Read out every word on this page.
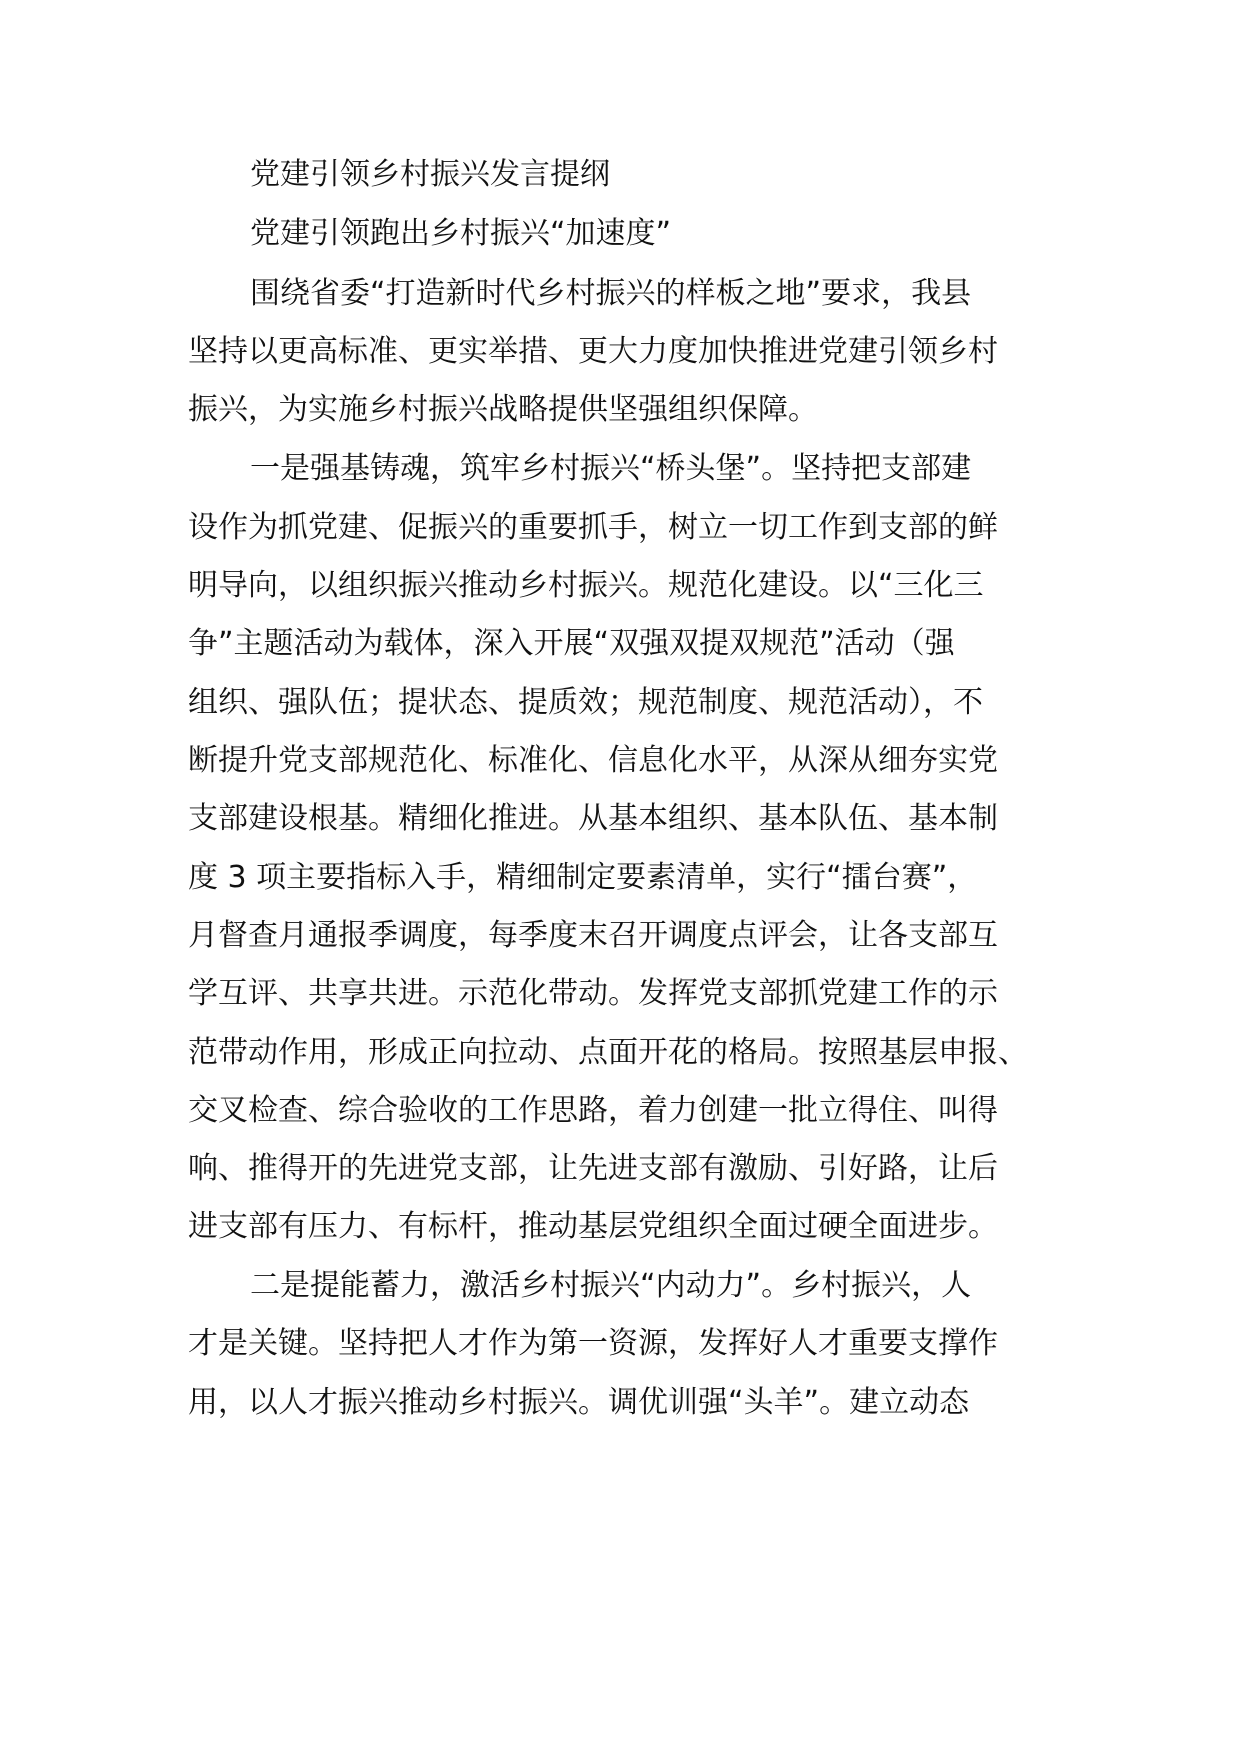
党建引领乡村振兴发言提纲
党建引领跑出乡村振兴“加速度”
围绕省委“打造新时代乡村振兴的样板之地”要求，我县
坚持以更高标准、更实举措、更大力度加快推进党建引领乡村
振兴，为实施乡村振兴战略提供坚强组织保障。
一是强基铸魂，筑牢乡村振兴“桥头堡”。坚持把支部建
设作为抓党建、促振兴的重要抓手，树立一切工作到支部的鲜
明导向，以组织振兴推动乡村振兴。规范化建设。以“三化三
争”主题活动为载体，深入开展“双强双提双规范”活动（强
组织、强队伍；提状态、提质效；规范制度、规范活动），不
断提升党支部规范化、标准化、信息化水平，从深从细夯实党
支部建设根基。精细化推进。从基本组织、基本队伍、基本制
度 3 项主要指标入手，精细制定要素清单，实行“擂台赛”，
月督查月通报季调度，每季度末召开调度点评会，让各支部互
学互评、共享共进。示范化带动。发挥党支部抓党建工作的示
范带动作用，形成正向拉动、点面开花的格局。按照基层申报、
交叉检查、综合验收的工作思路，着力创建一批立得住、叫得
响、推得开的先进党支部，让先进支部有激励、引好路，让后
进支部有压力、有标杆，推动基层党组织全面过硬全面进步。
二是提能蓄力，激活乡村振兴“内动力”。乡村振兴，人
才是关键。坚持把人才作为第一资源，发挥好人才重要支撑作
用，以人才振兴推动乡村振兴。调优训强“头羊”。建立动态
